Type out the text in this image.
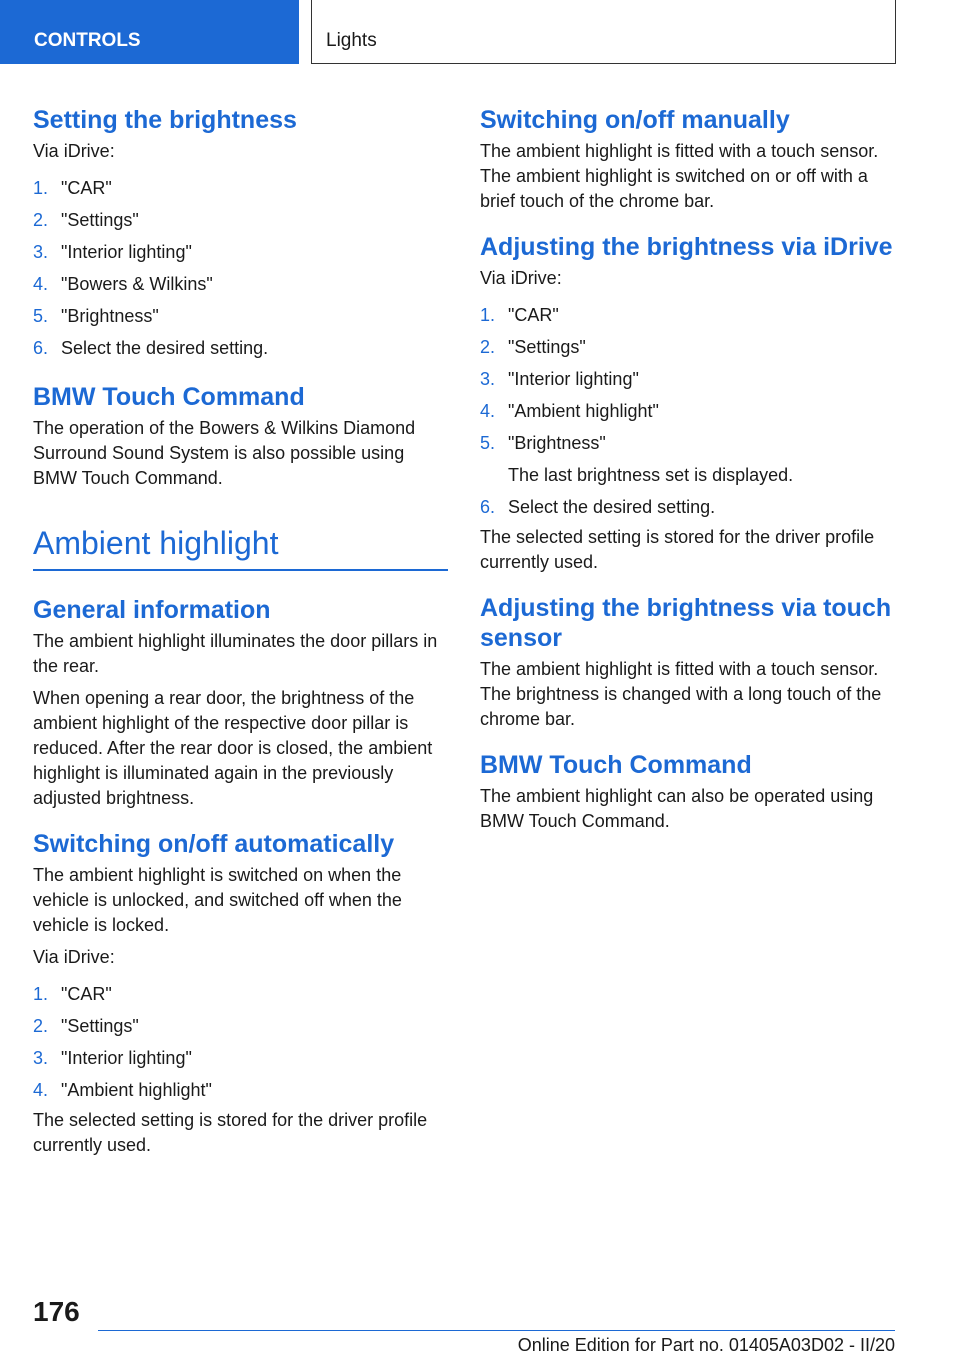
CONTROLS	Lights
Setting the brightness

Via iDrive:

1. "CAR"
2. "Settings"
3. "Interior lighting"
4. "Bowers & Wilkins"
5. "Brightness"
6. Select the desired setting.
BMW Touch Command

The operation of the Bowers & Wilkins Diamond Surround Sound System is also possible using BMW Touch Command.

Ambient highlight
General information

The ambient highlight illuminates the door pillars in the rear.

When opening a rear door, the brightness of the ambient highlight of the respective door pillar is reduced. After the rear door is closed, the ambient highlight is illuminated again in the previously adjusted brightness.

Switching on/off automatically

The ambient highlight is switched on when the vehicle is unlocked, and switched off when the vehicle is locked.

Via iDrive:

1. "CAR"
2. "Settings"
3. "Interior lighting"
4. "Ambient highlight"

The selected setting is stored for the driver profile currently used.

Switching on/off manually

The ambient highlight is fitted with a touch sensor. The ambient highlight is switched on or off with a brief touch of the chrome bar.

Adjusting the brightness via iDrive

Via iDrive:

1. "CAR"
2. "Settings"
3. "Interior lighting"
4. "Ambient highlight"
5. "Brightness"
The last brightness set is displayed.
6. Select the desired setting.

The selected setting is stored for the driver profile currently used.

Adjusting the brightness via touch sensor

The ambient highlight is fitted with a touch sensor. The brightness is changed with a long touch of the chrome bar.

BMW Touch Command

The ambient highlight can also be operated using BMW Touch Command.

176
Online Edition for Part no. 01405A03D02 - II/20
